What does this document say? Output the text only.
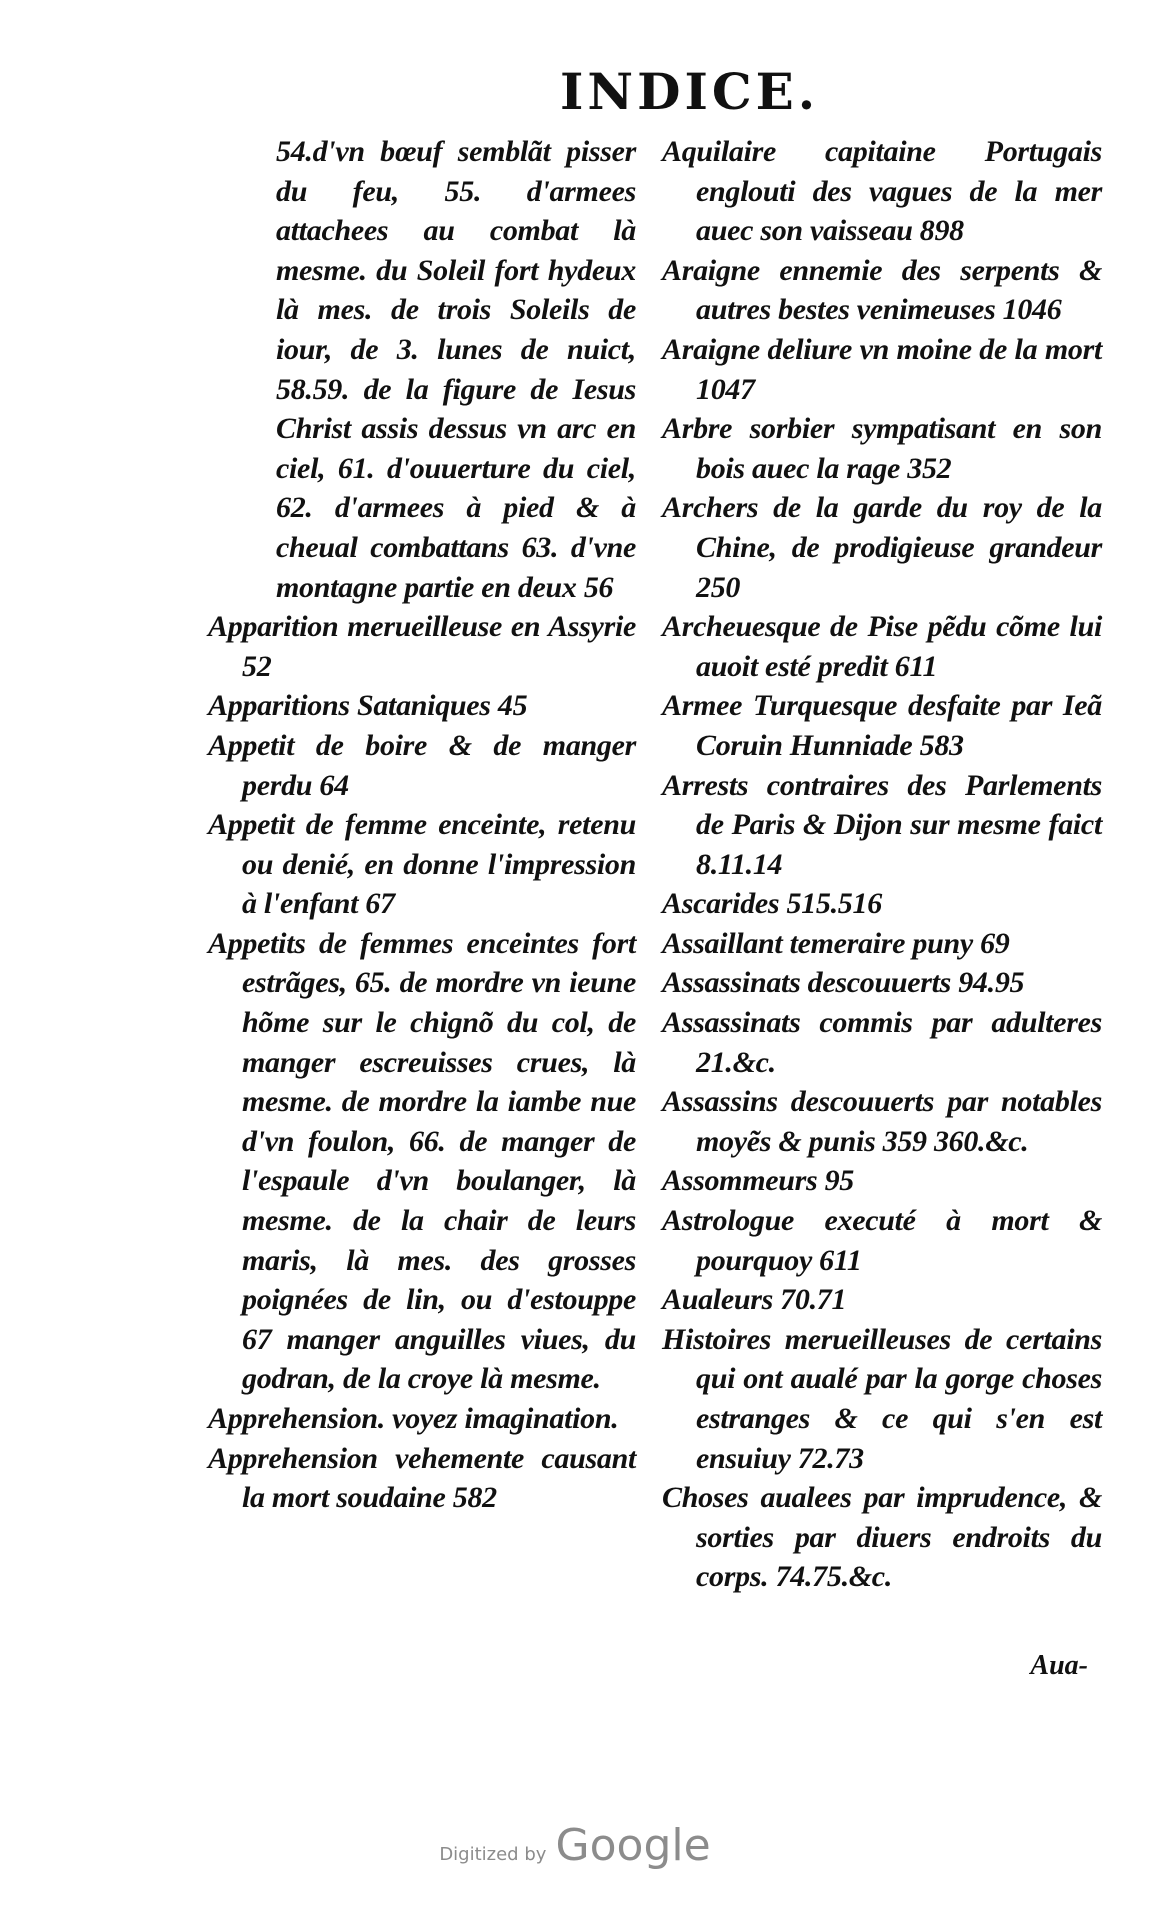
INDICE.

54.d'vn bœuf semblãt pisser du feu, 55. d'armees attachees au combat là mesme. du Soleil fort hydeux là mes. de trois Soleils de iour, de 3. lunes de nuict, 58.59. de la figure de Iesus Christ assis dessus vn arc en ciel, 61. d'ouuerture du ciel, 62. d'armees à pied & à cheual combattans 63. d'vne montagne partie en deux 56

Apparition merueilleuse en Assyrie 52

Apparitions Sataniques 45

Appetit de boire & de manger perdu 64

Appetit de femme enceinte, retenu ou denié, en donne l'impression à l'enfant 67

Appetits de femmes enceintes fort estrãges, 65. de mordre vn ieune hõme sur le chignõ du col, de manger escreuisses crues, là mesme. de mordre la iambe nue d'vn foulon, 66. de manger de l'espaule d'vn boulanger, là mesme. de la chair de leurs maris, là mes. des grosses poignées de lin, ou d'estouppe 67 manger anguilles viues, du godran, de la croye là mesme.

Apprehension. voyez imagination.

Apprehension vehemente causant la mort soudaine 582

Aquilaire capitaine Portugais englouti des vagues de la mer auec son vaisseau 898

Araigne ennemie des serpents & autres bestes venimeuses 1046

Araigne deliure vn moine de la mort 1047

Arbre sorbier sympatisant en son bois auec la rage 352

Archers de la garde du roy de la Chine, de prodigieuse grandeur 250

Archeuesque de Pise pẽdu cõme lui auoit esté predit 611

Armee Turquesque desfaite par Ieã Coruin Hunniade 583

Arrests contraires des Parlements de Paris & Dijon sur mesme faict 8.11.14

Ascarides 515.516

Assaillant temeraire puny 69

Assassinats descouuerts 94.95

Assassinats commis par adulteres 21.&c.

Assassins descouuerts par notables moyẽs & punis 359 360.&c.

Assommeurs 95

Astrologue executé à mort & pourquoy 611

Aualeurs 70.71

Histoires merueilleuses de certains qui ont aualé par la gorge choses estranges & ce qui s'en est ensuiuy 72.73

Choses aualees par imprudence, & sorties par diuers endroits du corps. 74.75.&c.

Aua-
Digitized by Google
